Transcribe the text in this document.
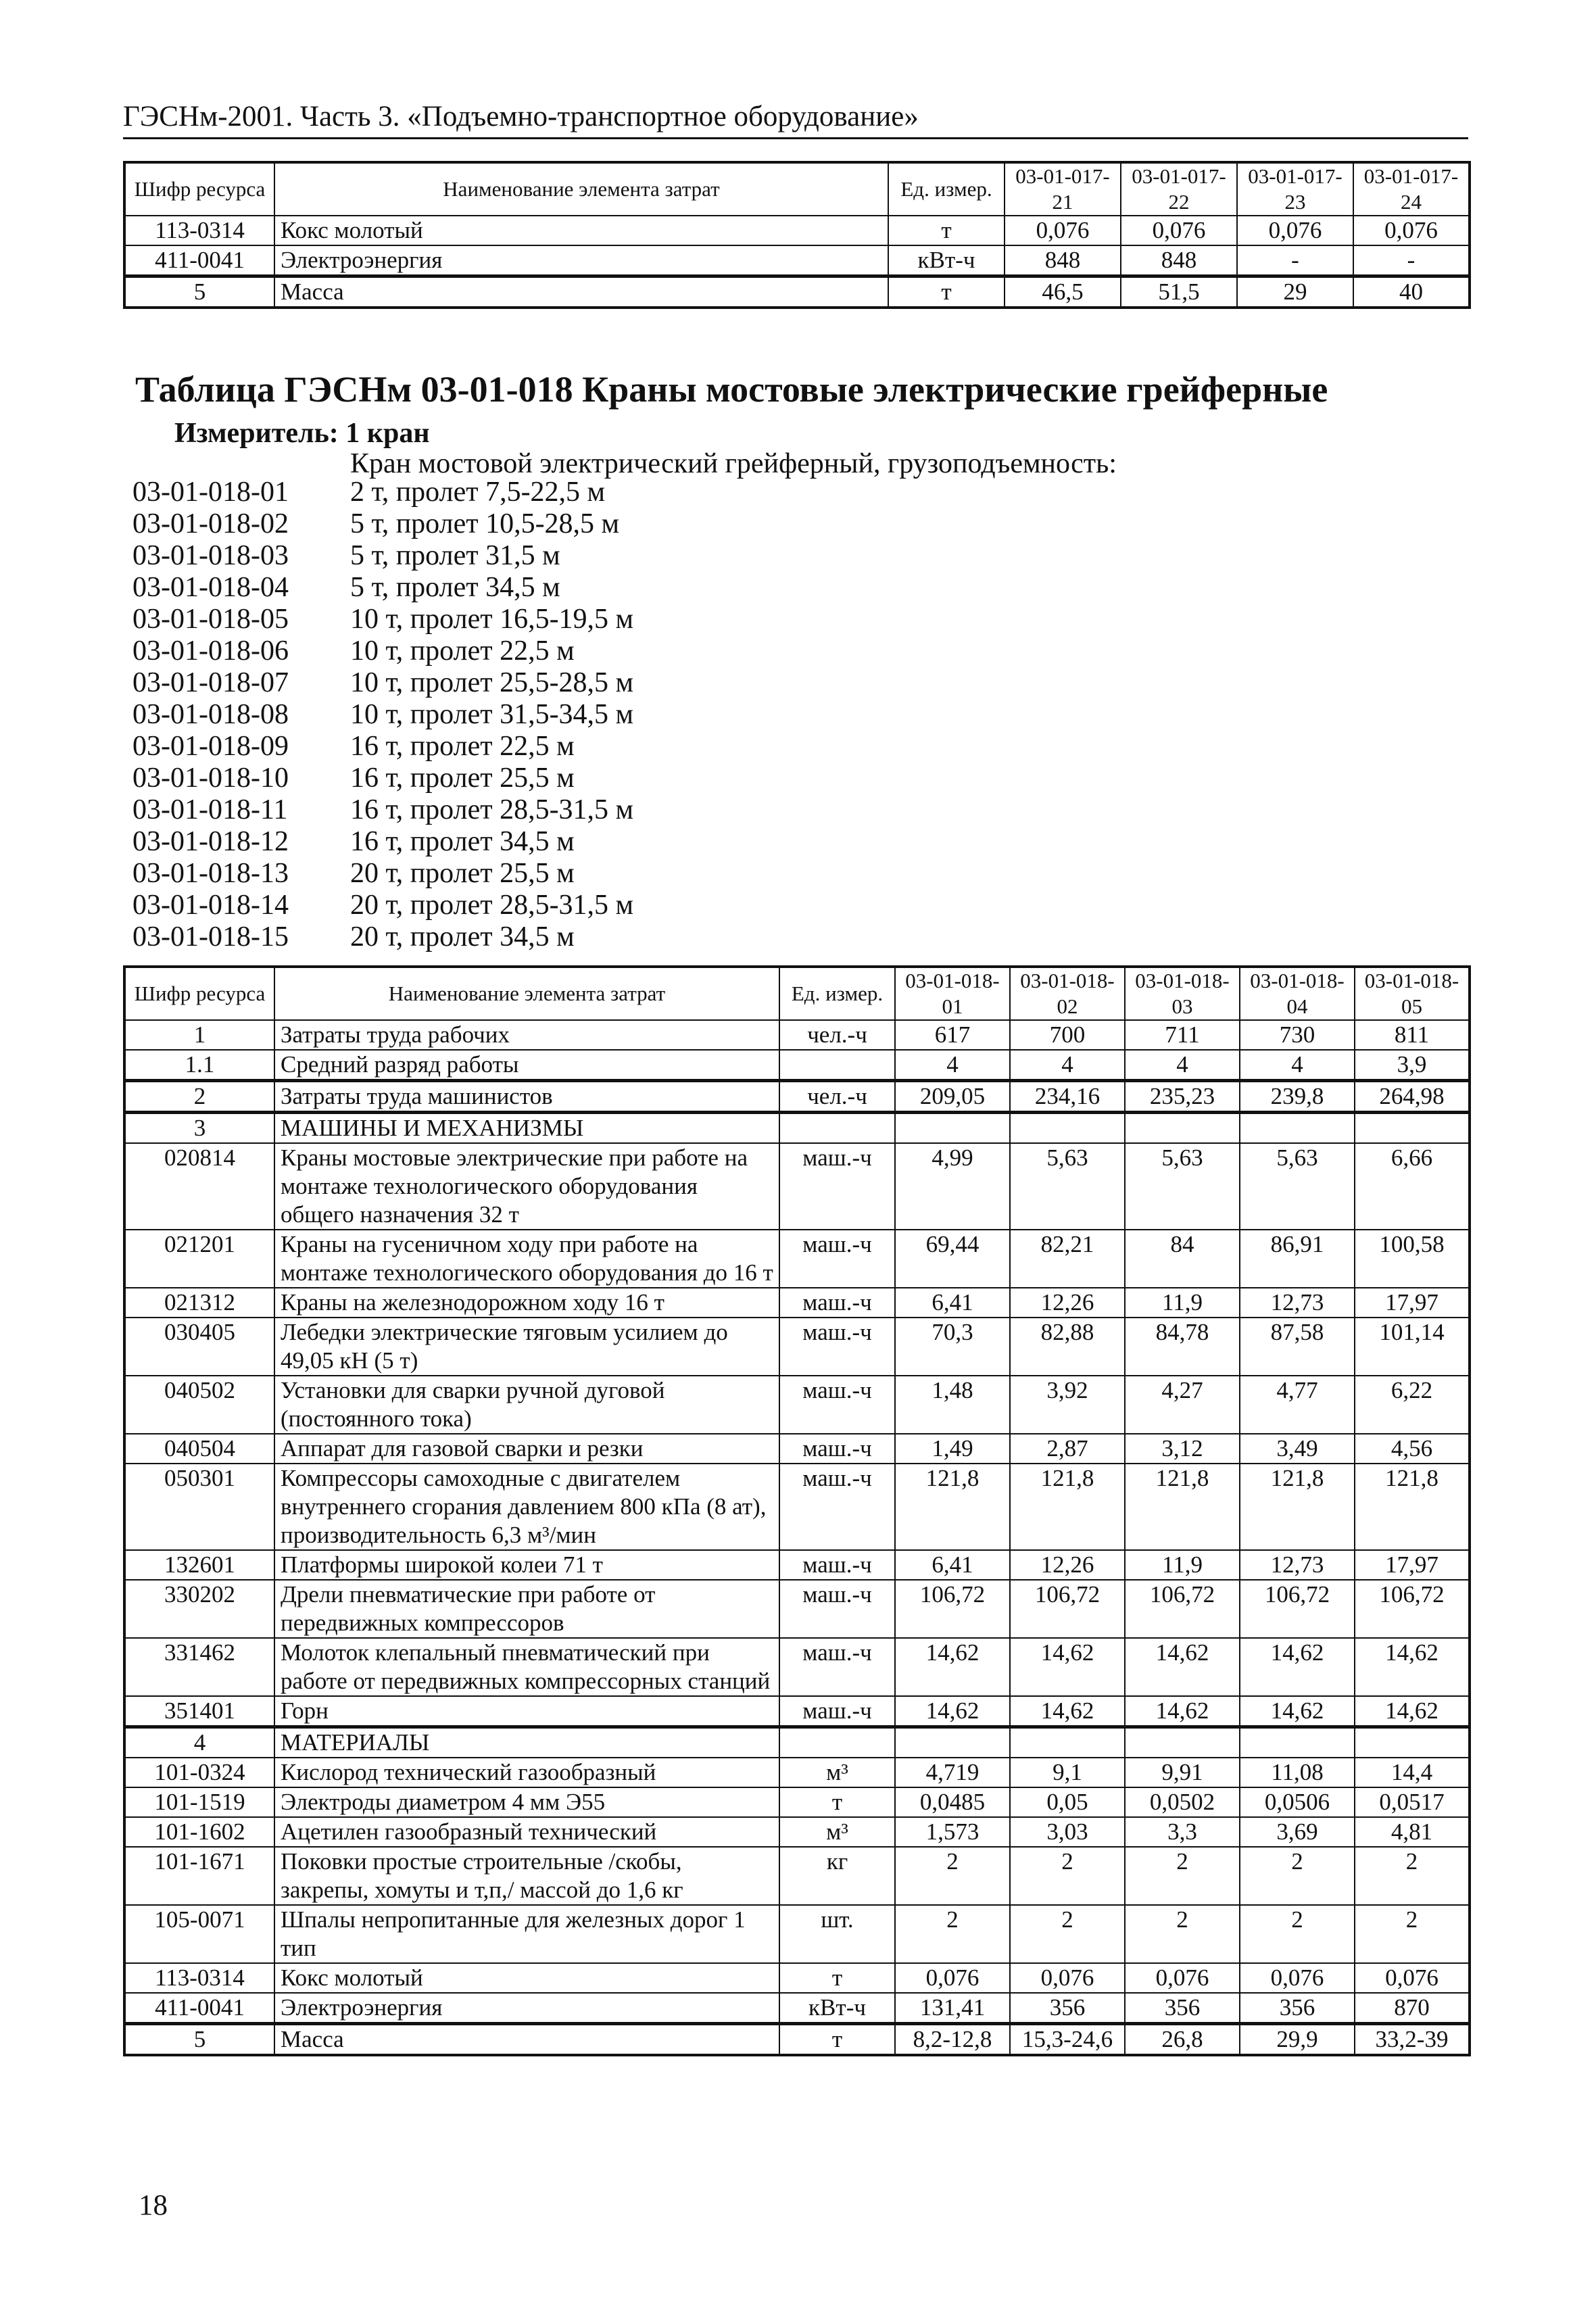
ГЭСНм-2001. Часть 3. «Подъемно-транспортное оборудование»
Шифр ресурса	Наименование элемента затрат	Ед. измер.	03-01-017-21	03-01-017-22	03-01-017-23	03-01-017-24
113-0314	Кокс молотый	т	0,076	0,076	0,076	0,076
411-0041	Электроэнергия	кВт-ч	848	848	-	-
5	Масса	т	46,5	51,5	29	40
Таблица ГЭСНм 03-01-018 Краны мостовые электрические грейферные
Измеритель: 1 кран
Кран мостовой электрический грейферный, грузоподъемность:
03-01-018-01	2 т, пролет 7,5-22,5 м
03-01-018-02	5 т, пролет 10,5-28,5 м
03-01-018-03	5 т, пролет 31,5 м
03-01-018-04	5 т, пролет 34,5 м
03-01-018-05	10 т, пролет 16,5-19,5 м
03-01-018-06	10 т, пролет 22,5 м
03-01-018-07	10 т, пролет 25,5-28,5 м
03-01-018-08	10 т, пролет 31,5-34,5 м
03-01-018-09	16 т, пролет 22,5 м
03-01-018-10	16 т, пролет 25,5 м
03-01-018-11	16 т, пролет 28,5-31,5 м
03-01-018-12	16 т, пролет 34,5 м
03-01-018-13	20 т, пролет 25,5 м
03-01-018-14	20 т, пролет 28,5-31,5 м
03-01-018-15	20 т, пролет 34,5 м
Шифр ресурса	Наименование элемента затрат	Ед. измер.	03-01-018-01	03-01-018-02	03-01-018-03	03-01-018-04	03-01-018-05
1	Затраты труда рабочих	чел.-ч	617	700	711	730	811
1.1	Средний разряд работы		4	4	4	4	3,9
2	Затраты труда машинистов	чел.-ч	209,05	234,16	235,23	239,8	264,98
3	МАШИНЫ И МЕХАНИЗМЫ						
020814	Краны мостовые электрические при работе на монтаже технологического оборудования общего назначения 32 т	маш.-ч	4,99	5,63	5,63	5,63	6,66
021201	Краны на гусеничном ходу при работе на монтаже технологического оборудования до 16 т	маш.-ч	69,44	82,21	84	86,91	100,58
021312	Краны на железнодорожном ходу 16 т	маш.-ч	6,41	12,26	11,9	12,73	17,97
030405	Лебедки электрические тяговым усилием до 49,05 кН (5 т)	маш.-ч	70,3	82,88	84,78	87,58	101,14
040502	Установки для сварки ручной дуговой (постоянного тока)	маш.-ч	1,48	3,92	4,27	4,77	6,22
040504	Аппарат для газовой сварки и резки	маш.-ч	1,49	2,87	3,12	3,49	4,56
050301	Компрессоры самоходные с двигателем внутреннего сгорания давлением 800 кПа (8 ат), производительность 6,3 м³/мин	маш.-ч	121,8	121,8	121,8	121,8	121,8
132601	Платформы широкой колеи 71 т	маш.-ч	6,41	12,26	11,9	12,73	17,97
330202	Дрели пневматические при работе от передвижных компрессоров	маш.-ч	106,72	106,72	106,72	106,72	106,72
331462	Молоток клепальный пневматический при работе от передвижных компрессорных станций	маш.-ч	14,62	14,62	14,62	14,62	14,62
351401	Горн	маш.-ч	14,62	14,62	14,62	14,62	14,62
4	МАТЕРИАЛЫ						
101-0324	Кислород технический газообразный	м³	4,719	9,1	9,91	11,08	14,4
101-1519	Электроды диаметром 4 мм Э55	т	0,0485	0,05	0,0502	0,0506	0,0517
101-1602	Ацетилен газообразный технический	м³	1,573	3,03	3,3	3,69	4,81
101-1671	Поковки простые строительные /скобы, закрепы, хомуты и т,п,/ массой до 1,6 кг	кг	2	2	2	2	2
105-0071	Шпалы непропитанные для железных дорог 1 тип	шт.	2	2	2	2	2
113-0314	Кокс молотый	т	0,076	0,076	0,076	0,076	0,076
411-0041	Электроэнергия	кВт-ч	131,41	356	356	356	870
5	Масса	т	8,2-12,8	15,3-24,6	26,8	29,9	33,2-39
18
